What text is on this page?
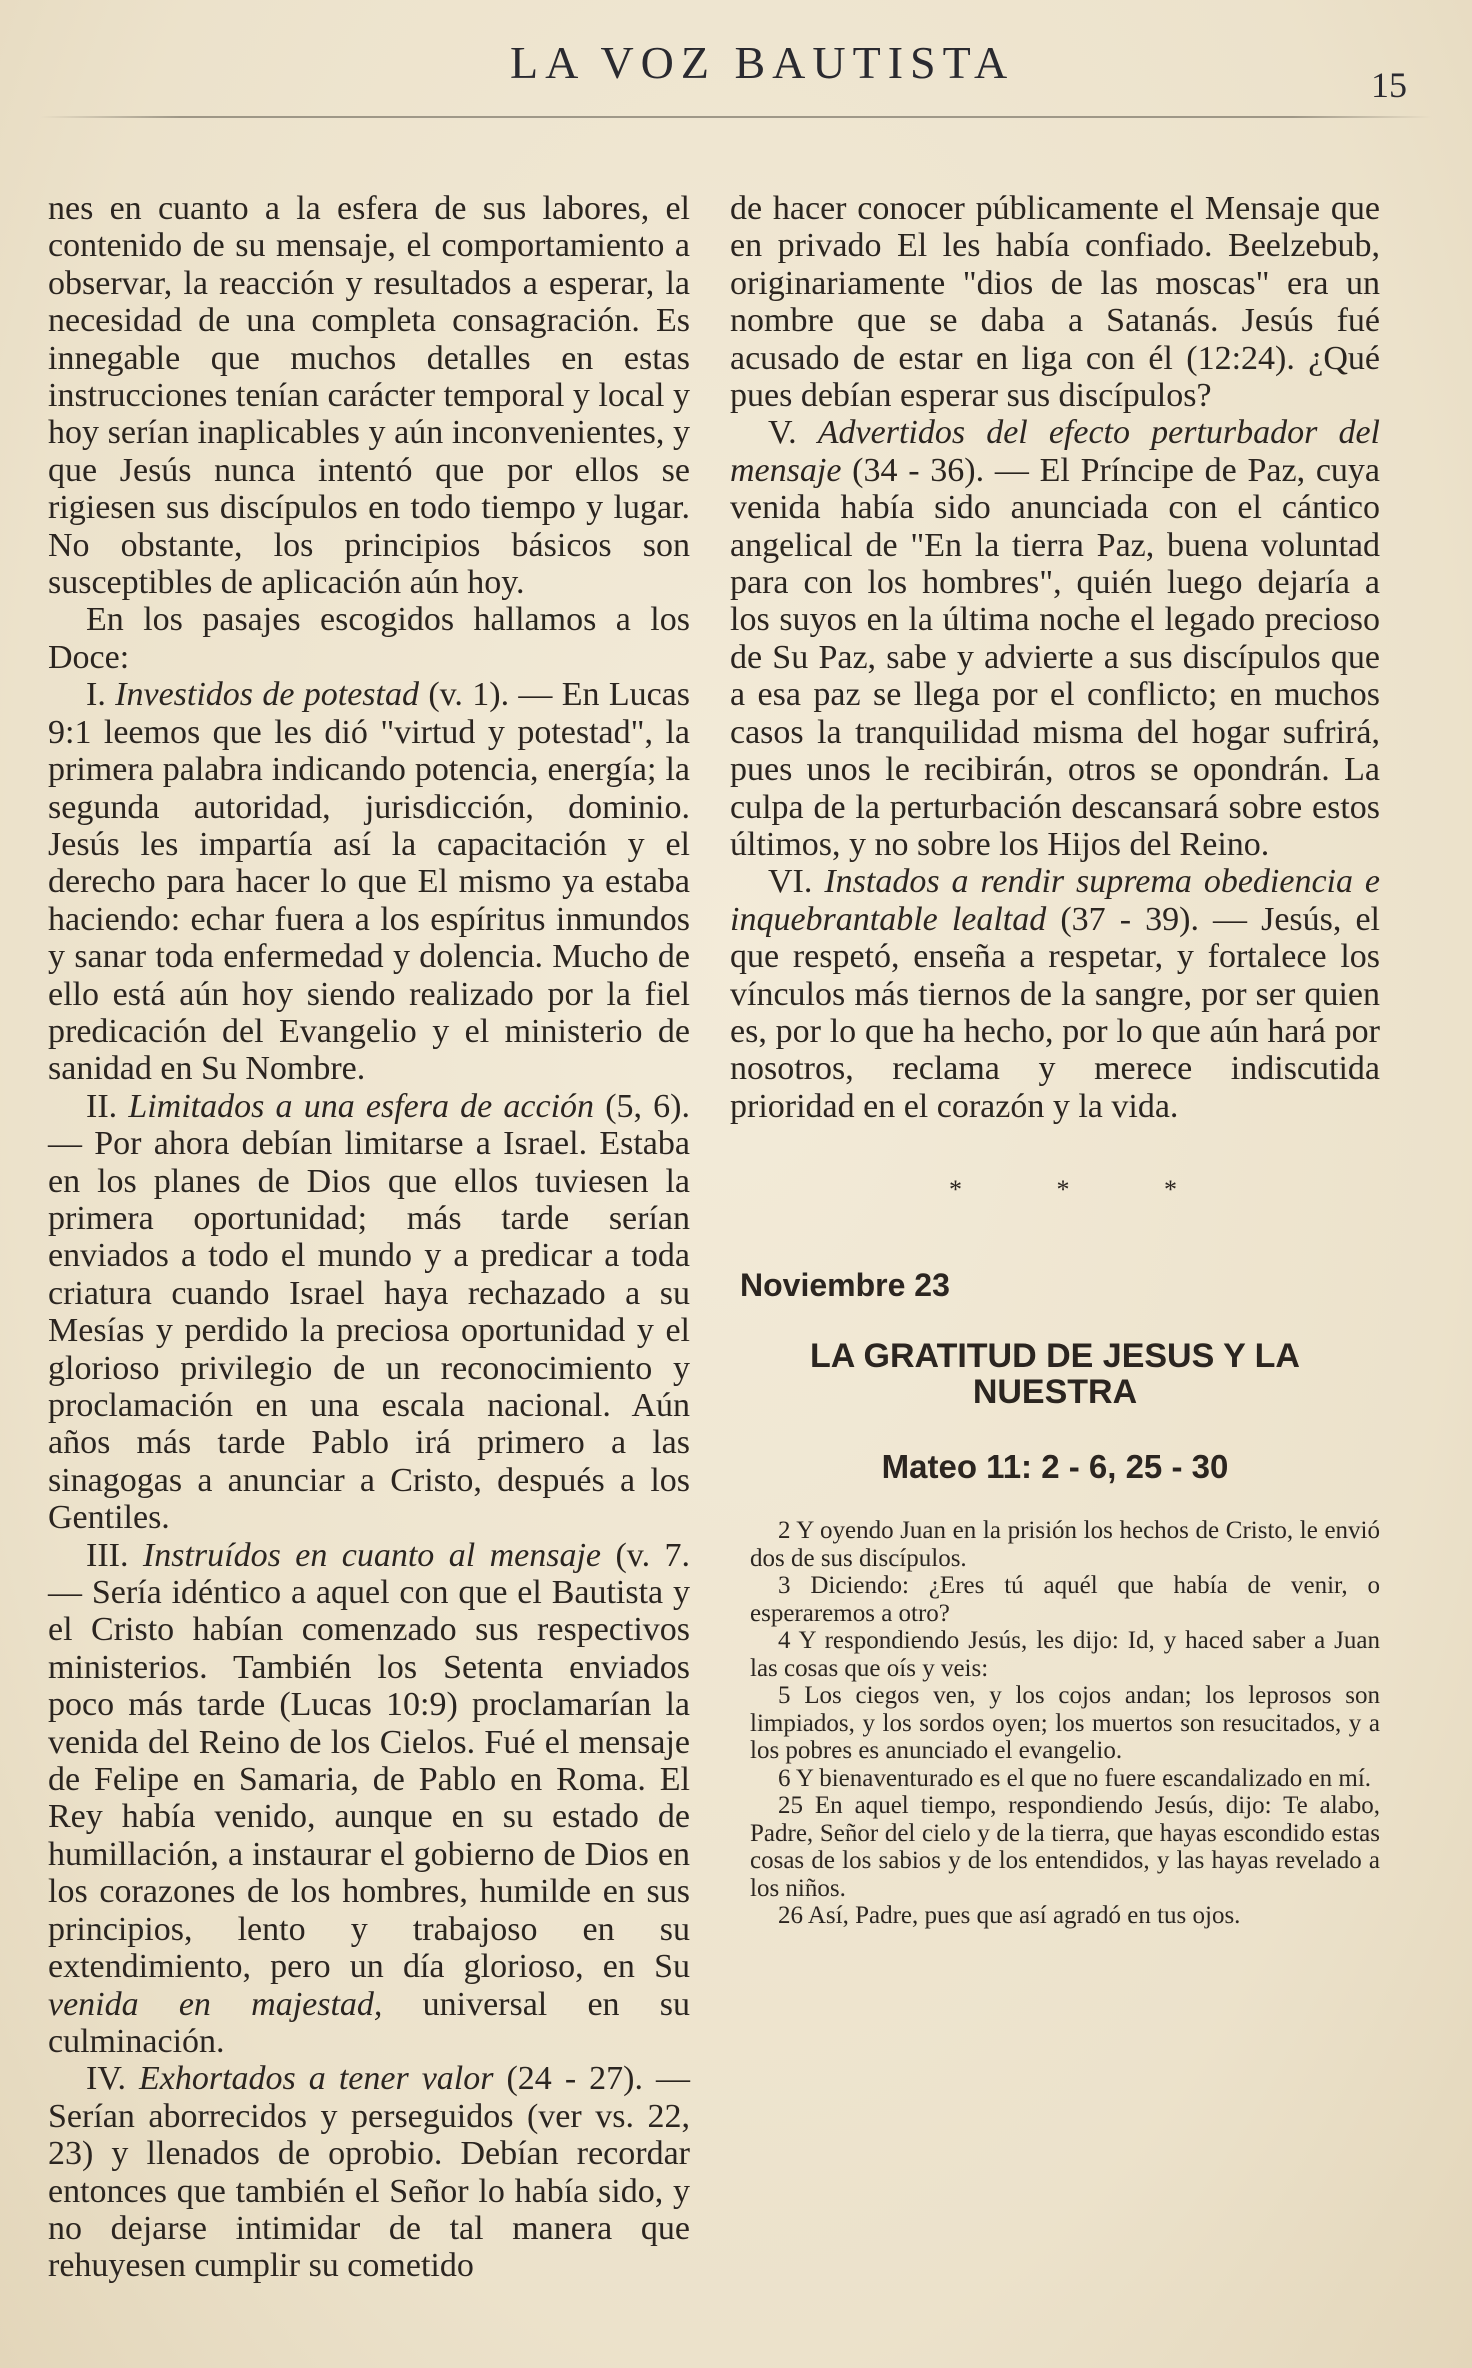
LA VOZ BAUTISTA	15

nes en cuanto a la esfera de sus labores, el contenido de su mensaje, el comportamiento a observar, la reacción y resultados a esperar, la necesidad de una completa consagración. Es innegable que muchos detalles en estas instrucciones tenían carácter temporal y local y hoy serían inaplicables y aún inconvenientes, y que Jesús nunca intentó que por ellos se rigiesen sus discípulos en todo tiempo y lugar. No obstante, los principios básicos son susceptibles de aplicación aún hoy.

En los pasajes escogidos hallamos a los Doce:

I. Investidos de potestad (v. 1). — En Lucas 9:1 leemos que les dió "virtud y potestad", la primera palabra indicando potencia, energía; la segunda autoridad, jurisdicción, dominio. Jesús les impartía así la capacitación y el derecho para hacer lo que El mismo ya estaba haciendo: echar fuera a los espíritus inmundos y sanar toda enfermedad y dolencia. Mucho de ello está aún hoy siendo realizado por la fiel predicación del Evangelio y el ministerio de sanidad en Su Nombre.

II. Limitados a una esfera de acción (5, 6). — Por ahora debían limitarse a Israel. Estaba en los planes de Dios que ellos tuviesen la primera oportunidad; más tarde serían enviados a todo el mundo y a predicar a toda criatura cuando Israel haya rechazado a su Mesías y perdido la preciosa oportunidad y el glorioso privilegio de un reconocimiento y proclamación en una escala nacional. Aún años más tarde Pablo irá primero a las sinagogas a anunciar a Cristo, después a los Gentiles.

III. Instruídos en cuanto al mensaje (v. 7. — Sería idéntico a aquel con que el Bautista y el Cristo habían comenzado sus respectivos ministerios. También los Setenta enviados poco más tarde (Lucas 10:9) proclamarían la venida del Reino de los Cielos. Fué el mensaje de Felipe en Samaria, de Pablo en Roma. El Rey había venido, aunque en su estado de humillación, a instaurar el gobierno de Dios en los corazones de los hombres, humilde en sus principios, lento y trabajoso en su extendimiento, pero un día glorioso, en Su venida en majestad, universal en su culminación.

IV. Exhortados a tener valor (24 - 27). — Serían aborrecidos y perseguidos (ver vs. 22, 23) y llenados de oprobio. Debían recordar entonces que también el Señor lo había sido, y no dejarse intimidar de tal manera que rehuyesen cumplir su cometido

de hacer conocer públicamente el Mensaje que en privado El les había confiado. Beelzebub, originariamente "dios de las moscas" era un nombre que se daba a Satanás. Jesús fué acusado de estar en liga con él (12:24). ¿Qué pues debían esperar sus discípulos?

V. Advertidos del efecto perturbador del mensaje (34 - 36). — El Príncipe de Paz, cuya venida había sido anunciada con el cántico angelical de "En la tierra Paz, buena voluntad para con los hombres", quién luego dejaría a los suyos en la última noche el legado precioso de Su Paz, sabe y advierte a sus discípulos que a esa paz se llega por el conflicto; en muchos casos la tranquilidad misma del hogar sufrirá, pues unos le recibirán, otros se opondrán. La culpa de la perturbación descansará sobre estos últimos, y no sobre los Hijos del Reino.

VI. Instados a rendir suprema obediencia e inquebrantable lealtad (37 - 39). — Jesús, el que respetó, enseña a respetar, y fortalece los vínculos más tiernos de la sangre, por ser quien es, por lo que ha hecho, por lo que aún hará por nosotros, reclama y merece indiscutida prioridad en el corazón y la vida.

* * *
Noviembre 23
LA GRATITUD DE JESUS Y LA NUESTRA
Mateo 11: 2 - 6, 25 - 30

2 Y oyendo Juan en la prisión los hechos de Cristo, le envió dos de sus discípulos.

3 Diciendo: ¿Eres tú aquél que había de venir, o esperaremos a otro?

4 Y respondiendo Jesús, les dijo: Id, y haced saber a Juan las cosas que oís y veis:

5 Los ciegos ven, y los cojos andan; los leprosos son limpiados, y los sordos oyen; los muertos son resucitados, y a los pobres es anunciado el evangelio.

6 Y bienaventurado es el que no fuere escandalizado en mí.

25 En aquel tiempo, respondiendo Jesús, dijo: Te alabo, Padre, Señor del cielo y de la tierra, que hayas escondido estas cosas de los sabios y de los entendidos, y las hayas revelado a los niños.

26 Así, Padre, pues que así agradó en tus ojos.
